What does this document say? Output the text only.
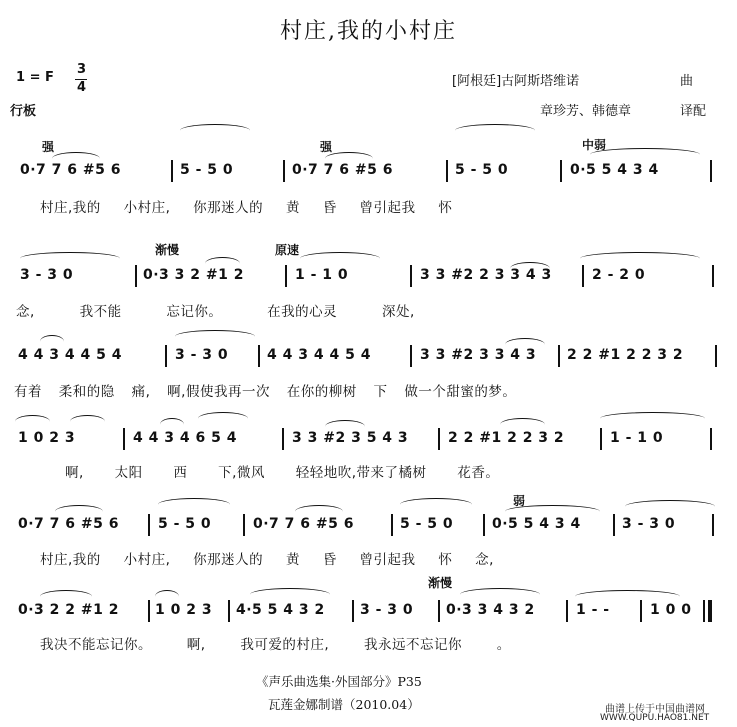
村庄,我的小村庄
1 = F
3
4
行板
[阿根廷]古阿斯塔维诺	曲
章珍芳、韩德章	译配
强	强	中弱
渐慢	原速
弱
渐慢
0·7 7 6 #5 6	5 - 5 0	0·7 7 6 #5 6	5 - 5 0	0·5 5 4 3 4
村庄,我的 小村庄, 你那迷人的 黄 昏 曾引起我 怀
3 - 3 0	0·3 3 2 #1 2	1 - 1 0	3 3 #2 2 3 3 4 3	2 - 2 0
念, 我不能 忘记你。 在我的心灵 深处,
4 4 3 4 4 5 4	3 - 3 0	4 4 3 4 4 5 4	3 3 #2 3 3 4 3 2 2 #1 2 2 3 2
有着 柔和的隐 痛, 啊,假使我再一次 在你的柳树 下 做一个甜蜜的梦。
1 0 2 3	4 4 3 4 6 5 4	3 3 #2 3 5 4 3	2 2 #1 2 2 3 2	1 - 1 0
啊, 太阳 西 下,微风 轻轻地吹,带来了橘树 花香。
0·7 7 6 #5 6	5 - 5 0	0·7 7 6 #5 6	5 - 5 0	0·5 5 4 3 4	3 - 3 0
村庄,我的 小村庄, 你那迷人的 黄 昏 曾引起我 怀 念,
0·3 2 2 #1 2	1 0 2 3 4·5 5 4 3 2	3 - 3 0 0·3 3 4 3 2	1 - -	1 0 0
我决不能忘记你。 啊, 我可爱的村庄, 我永远不忘记你 。
《声乐曲选集·外国部分》P35
瓦莲金娜制谱（2010.04）	曲谱上传于中国曲谱网
WWW.QUPU.HAO81.NET
